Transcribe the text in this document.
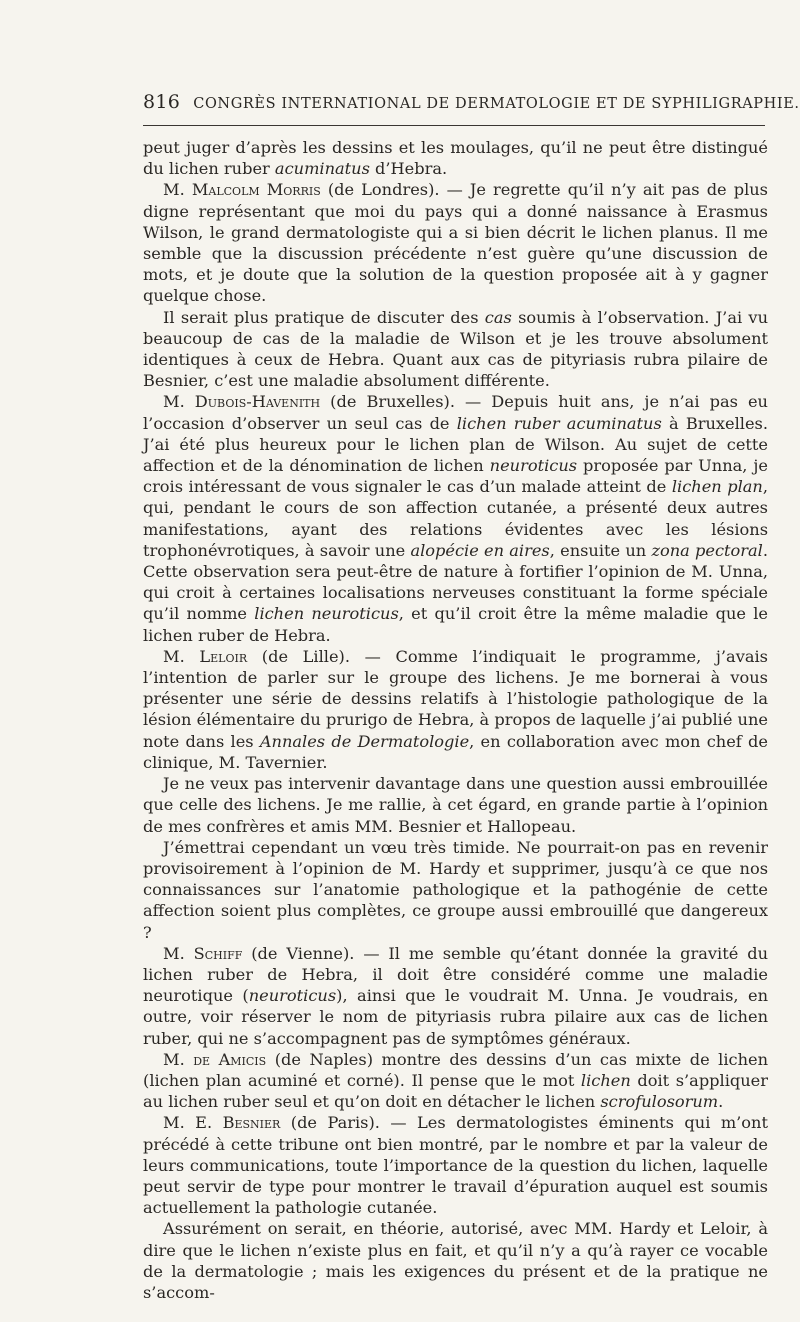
816 CONGRÈS INTERNATIONAL DE DERMATOLOGIE ET DE SYPHILIGRAPHIE.

peut juger d’après les dessins et les moulages, qu’il ne peut être distingué du lichen ruber acuminatus d’Hebra.

M. Malcolm Morris (de Londres). — Je regrette qu’il n’y ait pas de plus digne représentant que moi du pays qui a donné naissance à Erasmus Wilson, le grand dermatologiste qui a si bien décrit le lichen planus. Il me semble que la discussion précédente n’est guère qu’une discussion de mots, et je doute que la solution de la question proposée ait à y gagner quelque chose.

Il serait plus pratique de discuter des cas soumis à l’observation. J’ai vu beaucoup de cas de la maladie de Wilson et je les trouve absolument identiques à ceux de Hebra. Quant aux cas de pityriasis rubra pilaire de Besnier, c’est une maladie absolument différente.

M. Dubois-Havenith (de Bruxelles). — Depuis huit ans, je n’ai pas eu l’occasion d’observer un seul cas de lichen ruber acuminatus à Bruxelles. J’ai été plus heureux pour le lichen plan de Wilson. Au sujet de cette affection et de la dénomination de lichen neuroticus proposée par Unna, je crois intéressant de vous signaler le cas d’un malade atteint de lichen plan, qui, pendant le cours de son affection cutanée, a présenté deux autres manifestations, ayant des relations évidentes avec les lésions trophonévrotiques, à savoir une alopécie en aires, ensuite un zona pectoral. Cette observation sera peut-être de nature à fortifier l’opinion de M. Unna, qui croit à certaines localisations nerveuses constituant la forme spéciale qu’il nomme lichen neuroticus, et qu’il croit être la même maladie que le lichen ruber de Hebra.

M. Leloir (de Lille). — Comme l’indiquait le programme, j’avais l’intention de parler sur le groupe des lichens. Je me bornerai à vous présenter une série de dessins relatifs à l’histologie pathologique de la lésion élémentaire du prurigo de Hebra, à propos de laquelle j’ai publié une note dans les Annales de Dermatologie, en collaboration avec mon chef de clinique, M. Tavernier.

Je ne veux pas intervenir davantage dans une question aussi embrouillée que celle des lichens. Je me rallie, à cet égard, en grande partie à l’opinion de mes confrères et amis MM. Besnier et Hallopeau.

J’émettrai cependant un vœu très timide. Ne pourrait-on pas en revenir provisoirement à l’opinion de M. Hardy et supprimer, jusqu’à ce que nos connaissances sur l’anatomie pathologique et la pathogénie de cette affection soient plus complètes, ce groupe aussi embrouillé que dangereux ?

M. Schiff (de Vienne). — Il me semble qu’étant donnée la gravité du lichen ruber de Hebra, il doit être considéré comme une maladie neurotique (neuroticus), ainsi que le voudrait M. Unna. Je voudrais, en outre, voir réserver le nom de pityriasis rubra pilaire aux cas de lichen ruber, qui ne s’accompagnent pas de symptômes généraux.

M. de Amicis (de Naples) montre des dessins d’un cas mixte de lichen (lichen plan acuminé et corné). Il pense que le mot lichen doit s’appliquer au lichen ruber seul et qu’on doit en détacher le lichen scrofulosorum.

M. E. Besnier (de Paris). — Les dermatologistes éminents qui m’ont précédé à cette tribune ont bien montré, par le nombre et par la valeur de leurs communications, toute l’importance de la question du lichen, laquelle peut servir de type pour montrer le travail d’épuration auquel est soumis actuellement la pathologie cutanée.

Assurément on serait, en théorie, autorisé, avec MM. Hardy et Leloir, à dire que le lichen n’existe plus en fait, et qu’il n’y a qu’à rayer ce vocable de la dermatologie ; mais les exigences du présent et de la pratique ne s’accom-
